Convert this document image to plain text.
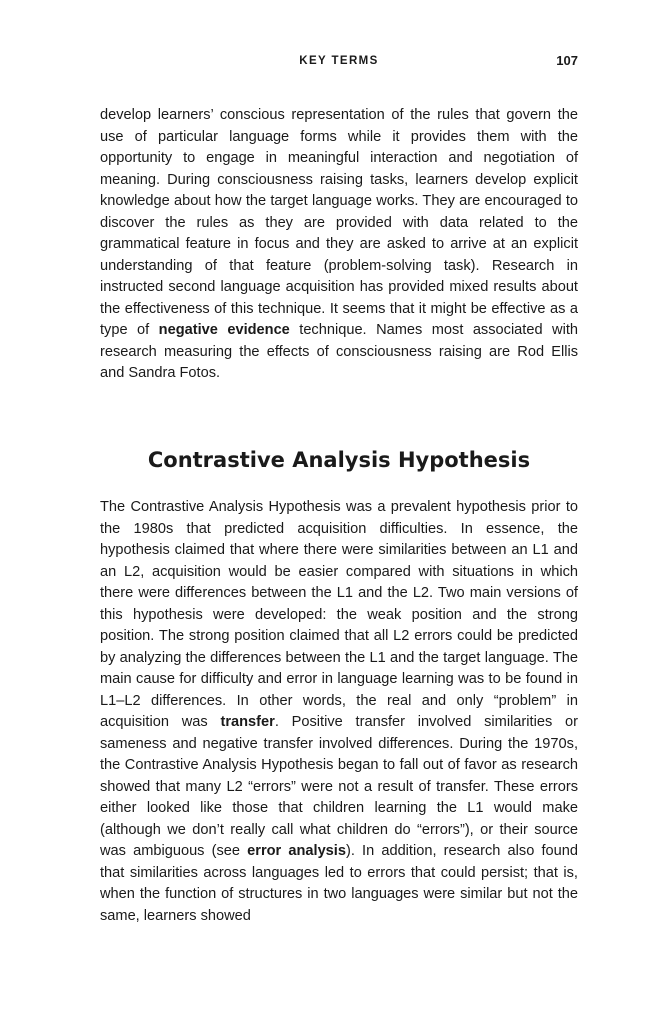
KEY TERMS	107

develop learners’ conscious representation of the rules that govern the use of particular language forms while it provides them with the opportunity to engage in meaningful interaction and negotiation of meaning. During consciousness raising tasks, learners develop explicit knowledge about how the target language works. They are encouraged to discover the rules as they are provided with data related to the grammatical feature in focus and they are asked to arrive at an explicit understanding of that feature (problem-solving task). Research in instructed second language acquisition has provided mixed results about the effectiveness of this technique. It seems that it might be effective as a type of negative evidence technique. Names most associated with research measuring the effects of consciousness raising are Rod Ellis and Sandra Fotos.

Contrastive Analysis Hypothesis

The Contrastive Analysis Hypothesis was a prevalent hypothesis prior to the 1980s that predicted acquisition difficulties. In essence, the hypothesis claimed that where there were similarities between an L1 and an L2, acquisition would be easier compared with situations in which there were differences between the L1 and the L2. Two main versions of this hypothesis were developed: the weak position and the strong position. The strong position claimed that all L2 errors could be predicted by analyzing the differences between the L1 and the target language. The main cause for difficulty and error in language learning was to be found in L1–L2 differences. In other words, the real and only “problem” in acquisition was transfer. Positive transfer involved similarities or sameness and negative transfer involved differences. During the 1970s, the Contrastive Analysis Hypothesis began to fall out of favor as research showed that many L2 “errors” were not a result of transfer. These errors either looked like those that children learning the L1 would make (although we don’t really call what children do “errors”), or their source was ambiguous (see error analysis). In addition, research also found that similarities across languages led to errors that could persist; that is, when the function of structures in two languages were similar but not the same, learners showed
